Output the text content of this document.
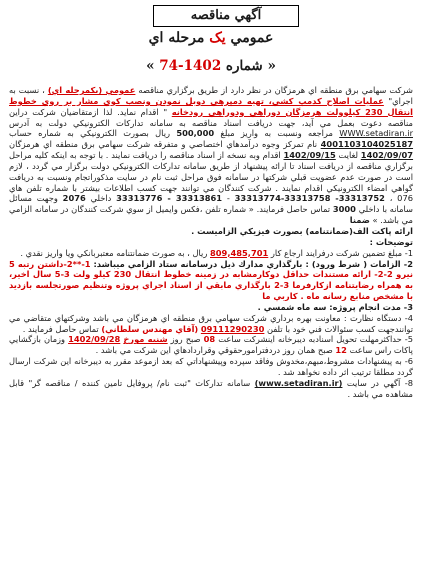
آگهي مناقصه
عمومي يک مرحله اي
« شماره 74-1402 »

شركت سهامي برق منطقه اي هرمزگان در نظر دارد از طريق برگزاري مناقصه عمومي (يكمرحله اي) ، نسبت به اجراي" عمليات اصلاح كدمپ كشي، تهيه دمپرهي دوبل نمودن ونصب كوي مشار بر روي خطوط انتقال 230 كيلوولت هرمزگان دوراهي ودوراهي رودخانه " اقدام نمايد. لذا ازمتقاضيان شركت دراين مناقصه دعوت بعمل مي آيد، جهت دريافت اسناد مناقصه به سامانه تداركات الكترونيكي دولت به آدرس WWW.setadiran.ir مراجعه ونسبت به واريز مبلغ 500,000 ريال بصورت الكترونيكي به شماره حساب 4001103104025187 نام تمركز وجوه درآمدهاي اختصاصي و متفرقه شرکت سهامي برق منطقه اي هرمزگان 1402/09/07 لغايت 1402/09/15 اقدام وبه نسخه از اسناد مناقصه را دريافت نمايند . با توجه به اينكه كليه مراحل برگزاري مناقصه از دريافت اسناد تا ارائه پيشنهاد از طريق سامانه تداركات الكترونيكي دولت برگزار مي گردد ، لازم است در صورت عدم عضويت قبلي شركتها در سامانه فوق مراحل ثبت نام در سايت مذكوراتجام ونسبت به دريافت گواهي امضاء الكترونيكي اقدام نمايند . شركت كنندگان مي توانند جهت كسب اطلاعات بيشتر با شماره تلفن هاي 33313776 - 33313861 - 33313774-33313758 -33313752 ، 076 داخلي 2076 وجهت مسائل سامانه با داخلي 3000 تماس حاصل فرمايند. « شماره تلفن ،فكس وايميل از سوي شركت كنندگان در سامانه الزامي مي باشد. » ضمنا

ارائه پاكت الف(ضمانتنامه) بصورت فيزيكي الزاميست .

توضيحات :

1- مبلغ تضمين شركت درفرايند ارجاع كار 809,485,701 ريال ، به صورت ضمانتنامه معتبربانكي ويا واريز نقدي .

2- الزامات ( شرط ورود) : بارگذاري مدارك ذيل درسامانه ستاد الزامي ميباشد: 1-**2-داشتن رتبه 5 نيرو 2-2- ارائه مستندات حداقل دوكارمشابه در زمينه خطوط انتقال 230 كيلو ولت 3-5 سال اخير، به همراه رضايتنامه ازكارفرما 3-2 بارگذاري مابقي از اسناد اجراي پروژه وتنظيم صورتجلسه بازديد با مشخص منابع رسانه ماه . كاربي ما

3- مدت انجام پروژه: سه ماه شمسي .

4- دستگاه نظارت : معاونت بهره برداري شركت سهامي برق منطقه اي هرمزگان مي باشد وشركتهاي متقاضي مي توانندجهت كسب سئوالات فني خود با تلفن 09111290230 (آقاي مهندس سلطاني) تماس حاصل فرمايند .

5- حداكثرمهلت تحويل اسنادبه ديبرخانه اينشركت ساعت 08 صبح روز شنبه مورخ 1402/09/28 وزمان بازگشايي پاكات راس ساعت 12 صبح همان روز دردفترامورحقوقي وقراردادهاي اين شركت مي باشد .

6- به پيشنهادات مشروط،مبهم،مخدوش وفاقد سپرده وپيشنهاداتي كه بعد ازموعد مقرر به ديبرخانه اين شركت ارسال گردد مطلقا ترتيب اثر داده نخواهد شد .

8- آگهي در سايت (www.setadiran.ir) سامانه تداركات "ثبت نام/ پروفايل تامين كننده / مناقصه گر" قابل مشاهده مي باشد .
